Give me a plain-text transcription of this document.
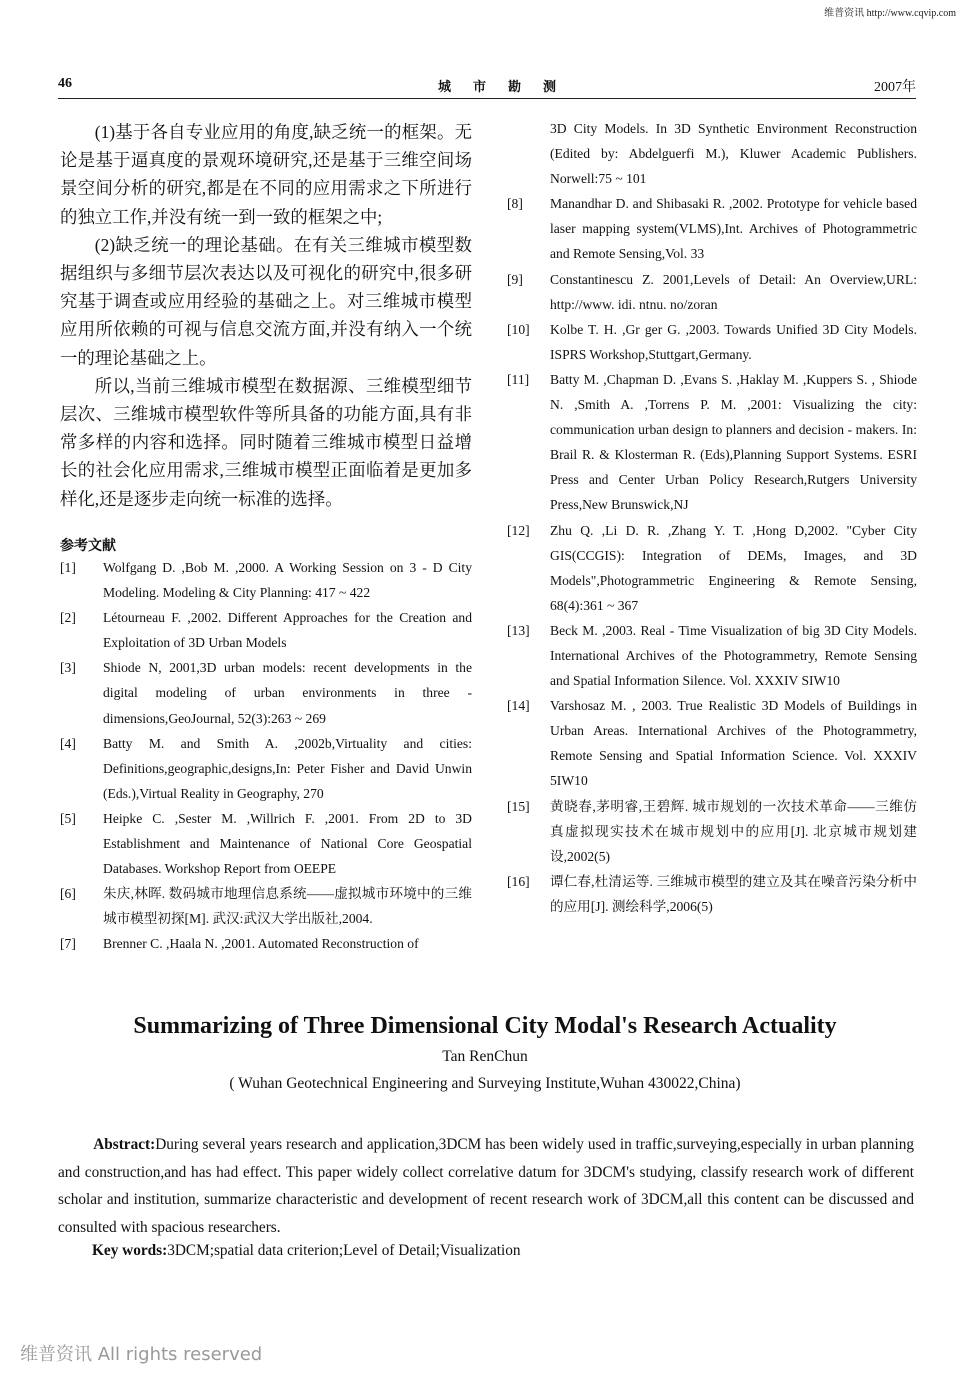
维普资讯 http://www.cqvip.com
46	城市勘测	2007年

(1)基于各自专业应用的角度,缺乏统一的框架。无论是基于逼真度的景观环境研究,还是基于三维空间场景空间分析的研究,都是在不同的应用需求之下所进行的独立工作,并没有统一到一致的框架之中;

(2)缺乏统一的理论基础。在有关三维城市模型数据组织与多细节层次表达以及可视化的研究中,很多研究基于调查或应用经验的基础之上。对三维城市模型应用所依赖的可视与信息交流方面,并没有纳入一个统一的理论基础之上。

所以,当前三维城市模型在数据源、三维模型细节层次、三维城市模型软件等所具备的功能方面,具有非常多样的内容和选择。同时随着三维城市模型日益增长的社会化应用需求,三维城市模型正面临着是更加多样化,还是逐步走向统一标准的选择。

参考文献
[1] Wolfgang D. ,Bob M. ,2000. A Working Session on 3 - D City Modeling. Modeling & City Planning: 417 ~ 422
[2] Létourneau F. ,2002. Different Approaches for the Creation and Exploitation of 3D Urban Models
[3] Shiode N, 2001,3D urban models: recent developments in the digital modeling of urban environments in three - dimensions,GeoJournal, 52(3):263 ~ 269
[4] Batty M. and Smith A. ,2002b,Virtuality and cities: Definitions,geographic,designs,In: Peter Fisher and David Unwin (Eds.),Virtual Reality in Geography, 270
[5] Heipke C. ,Sester M. ,Willrich F. ,2001. From 2D to 3D Establishment and Maintenance of National Core Geospatial Databases. Workshop Report from OEEPE
[6] 朱庆,林晖. 数码城市地理信息系统——虚拟城市环境中的三维城市模型初探[M]. 武汉:武汉大学出版社,2004.
[7] Brenner C. ,Haala N. ,2001. Automated Reconstruction of
3D City Models. In 3D Synthetic Environment Reconstruction (Edited by: Abdelguerfi M.), Kluwer Academic Publishers. Norwell:75 ~ 101
[8] Manandhar D. and Shibasaki R. ,2002. Prototype for vehicle based laser mapping system(VLMS),Int. Archives of Photogrammetric and Remote Sensing,Vol. 33
[9] Constantinescu Z. 2001,Levels of Detail: An Overview,URL: http://www. idi. ntnu. no/zoran
[10] Kolbe T. H. ,Gr ger G. ,2003. Towards Unified 3D City Models. ISPRS Workshop,Stuttgart,Germany.
[11] Batty M. ,Chapman D. ,Evans S. ,Haklay M. ,Kuppers S. , Shiode N. ,Smith A. ,Torrens P. M. ,2001: Visualizing the city: communication urban design to planners and decision - makers. In: Brail R. & Klosterman R. (Eds),Planning Support Systems. ESRI Press and Center Urban Policy Research,Rutgers University Press,New Brunswick,NJ
[12] Zhu Q. ,Li D. R. ,Zhang Y. T. ,Hong D,2002. "Cyber City GIS(CCGIS): Integration of DEMs, Images, and 3D Models",Photogrammetric Engineering & Remote Sensing, 68(4):361 ~ 367
[13] Beck M. ,2003. Real - Time Visualization of big 3D City Models. International Archives of the Photogrammetry, Remote Sensing and Spatial Information Silence. Vol. XXXIV SIW10
[14] Varshosaz M. , 2003. True Realistic 3D Models of Buildings in Urban Areas. International Archives of the Photogrammetry, Remote Sensing and Spatial Information Science. Vol. XXXIV 5IW10
[15] 黄晓春,茅明睿,王碧辉. 城市规划的一次技术革命——三维仿真虚拟现实技术在城市规划中的应用[J]. 北京城市规划建设,2002(5)
[16] 谭仁春,杜清运等. 三维城市模型的建立及其在噪音污染分析中的应用[J]. 测绘科学,2006(5)
Summarizing of Three Dimensional City Modal's Research Actuality
Tan RenChun
( Wuhan Geotechnical Engineering and Surveying Institute,Wuhan 430022,China)
Abstract:During several years research and application,3DCM has been widely used in traffic,surveying,especially in urban planning and construction,and has had effect. This paper widely collect correlative datum for 3DCM's studying, classify research work of different scholar and institution, summarize characteristic and development of recent research work of 3DCM,all this content can be discussed and consulted with spacious researchers.
Key words:3DCM;spatial data criterion;Level of Detail;Visualization
维普资讯 All rights reserved
